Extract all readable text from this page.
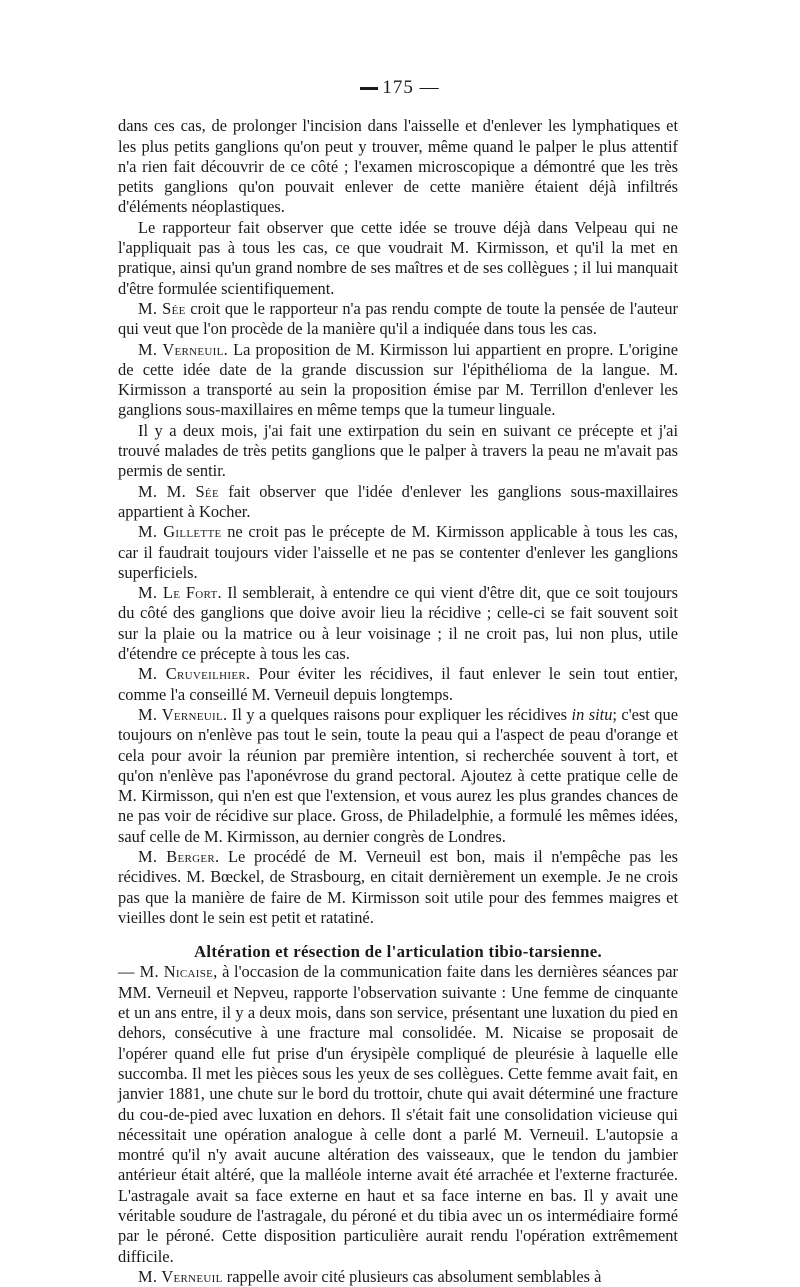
175 —

dans ces cas, de prolonger l'incision dans l'aisselle et d'enlever les lymphatiques et les plus petits ganglions qu'on peut y trouver, même quand le palper le plus attentif n'a rien fait découvrir de ce côté ; l'examen microscopique a démontré que les très petits ganglions qu'on pouvait enlever de cette manière étaient déjà infiltrés d'éléments néoplastiques.

Le rapporteur fait observer que cette idée se trouve déjà dans Velpeau qui ne l'appliquait pas à tous les cas, ce que voudrait M. Kirmisson, et qu'il la met en pratique, ainsi qu'un grand nombre de ses maîtres et de ses collègues ; il lui manquait d'être formulée scientifiquement.

M. Sée croit que le rapporteur n'a pas rendu compte de toute la pensée de l'auteur qui veut que l'on procède de la manière qu'il a indiquée dans tous les cas.

M. Verneuil. La proposition de M. Kirmisson lui appartient en propre. L'origine de cette idée date de la grande discussion sur l'épithélioma de la langue. M. Kirmisson a transporté au sein la proposition émise par M. Terrillon d'enlever les ganglions sous-maxillaires en même temps que la tumeur linguale.

Il y a deux mois, j'ai fait une extirpation du sein en suivant ce précepte et j'ai trouvé malades de très petits ganglions que le palper à travers la peau ne m'avait pas permis de sentir.

M. M. Sée fait observer que l'idée d'enlever les ganglions sous-maxillaires appartient à Kocher.

M. Gillette ne croit pas le précepte de M. Kirmisson applicable à tous les cas, car il faudrait toujours vider l'aisselle et ne pas se contenter d'enlever les ganglions superficiels.

M. Le Fort. Il semblerait, à entendre ce qui vient d'être dit, que ce soit toujours du côté des ganglions que doive avoir lieu la récidive ; celle-ci se fait souvent soit sur la plaie ou la matrice ou à leur voisinage ; il ne croit pas, lui non plus, utile d'étendre ce précepte à tous les cas.

M. Cruveilhier. Pour éviter les récidives, il faut enlever le sein tout entier, comme l'a conseillé M. Verneuil depuis longtemps.

M. Verneuil. Il y a quelques raisons pour expliquer les récidives in situ; c'est que toujours on n'enlève pas tout le sein, toute la peau qui a l'aspect de peau d'orange et cela pour avoir la réunion par première intention, si recherchée souvent à tort, et qu'on n'enlève pas l'aponévrose du grand pectoral. Ajoutez à cette pratique celle de M. Kirmisson, qui n'en est que l'extension, et vous aurez les plus grandes chances de ne pas voir de récidive sur place. Gross, de Philadelphie, a formulé les mêmes idées, sauf celle de M. Kirmisson, au dernier congrès de Londres.

M. Berger. Le procédé de M. Verneuil est bon, mais il n'empêche pas les récidives. M. Bœckel, de Strasbourg, en citait dernièrement un exemple. Je ne crois pas que la manière de faire de M. Kirmisson soit utile pour des femmes maigres et vieilles dont le sein est petit et ratatiné.

Altération et résection de l'articulation tibio-tarsienne.

— M. Nicaise, à l'occasion de la communication faite dans les dernières séances par MM. Verneuil et Nepveu, rapporte l'observation suivante : Une femme de cinquante et un ans entre, il y a deux mois, dans son service, présentant une luxation du pied en dehors, consécutive à une fracture mal consolidée. M. Nicaise se proposait de l'opérer quand elle fut prise d'un érysipèle compliqué de pleurésie à laquelle elle succomba. Il met les pièces sous les yeux de ses collègues. Cette femme avait fait, en janvier 1881, une chute sur le bord du trottoir, chute qui avait déterminé une fracture du cou-de-pied avec luxation en dehors. Il s'était fait une consolidation vicieuse qui nécessitait une opération analogue à celle dont a parlé M. Verneuil. L'autopsie a montré qu'il n'y avait aucune altération des vaisseaux, que le tendon du jambier antérieur était altéré, que la malléole interne avait été arrachée et l'externe fracturée. L'astragale avait sa face externe en haut et sa face interne en bas. Il y avait une véritable soudure de l'astragale, du péroné et du tibia avec un os intermédiaire formé par le péroné. Cette disposition particulière aurait rendu l'opération extrêmement difficile.

M. Verneuil rappelle avoir cité plusieurs cas absolument semblables à
